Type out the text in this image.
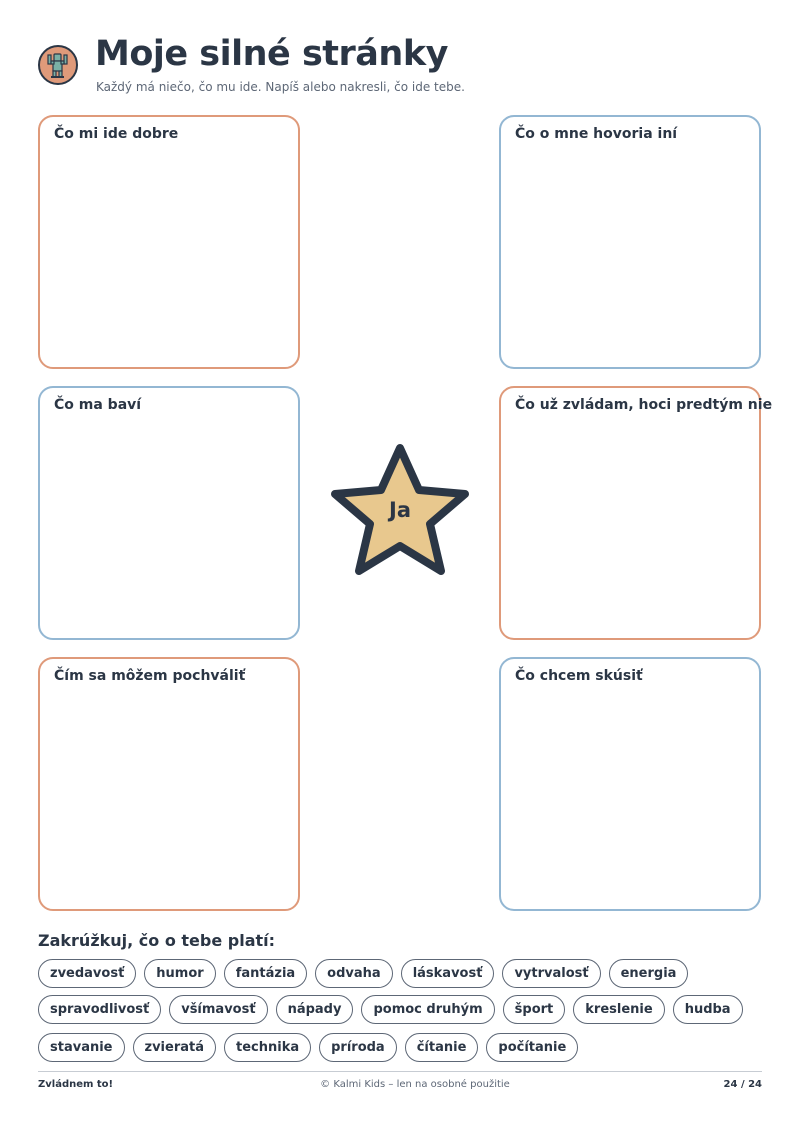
Moje silné stránky
Každý má niečo, čo mu ide. Napíš alebo nakresli, čo ide tebe.
Čo mi ide dobre	Čo o mne hovoria iní
Čo ma baví	Čo už zvládam, hoci predtým nie
Čím sa môžem pochváliť	Čo chcem skúsiť
Ja
Zakrúžkuj, čo o tebe platí:
zvedavosť	humor	fantázia	odvaha	láskavosť	vytrvalosť	energia
spravodlivosť	všímavosť	nápady	pomoc druhým	šport	kreslenie	hudba
stavanie	zvieratá	technika	príroda	čítanie	počítanie
Zvládnem to!	© Kalmi Kids – len na osobné použitie	24 / 24
